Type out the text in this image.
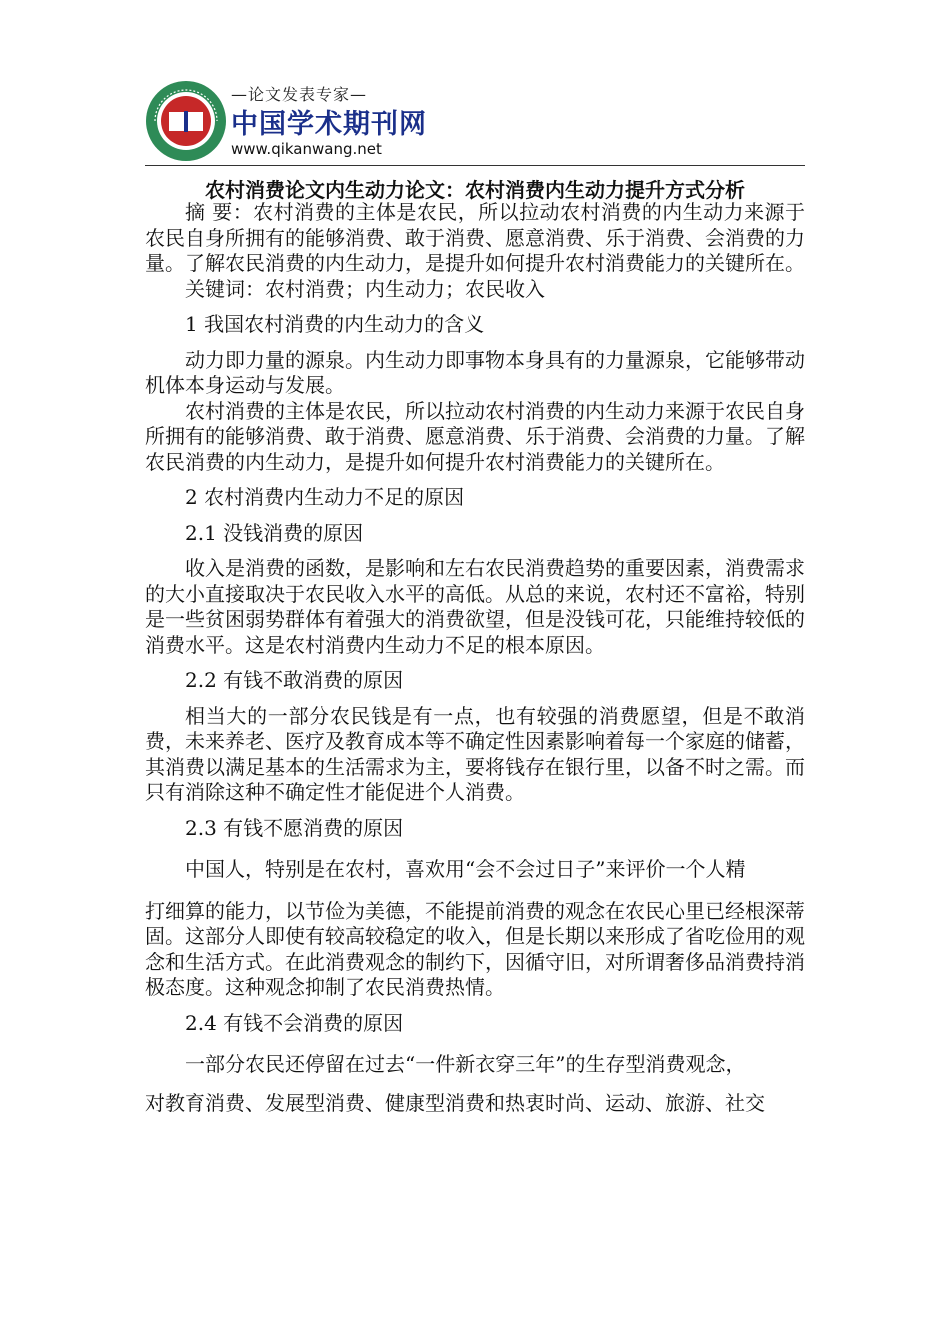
—论文发表专家—
中国学术期刊网
www.qikanwang.net
农村消费论文内生动力论文：农村消费内生动力提升方式分析

摘 要：农村消费的主体是农民，所以拉动农村消费的内生动力来源于农民自身所拥有的能够消费、敢于消费、愿意消费、乐于消费、会消费的力量。了解农民消费的内生动力，是提升如何提升农村消费能力的关键所在。

关键词：农村消费；内生动力；农民收入

1 我国农村消费的内生动力的含义

动力即力量的源泉。内生动力即事物本身具有的力量源泉，它能够带动机体本身运动与发展。

农村消费的主体是农民，所以拉动农村消费的内生动力来源于农民自身所拥有的能够消费、敢于消费、愿意消费、乐于消费、会消费的力量。了解农民消费的内生动力，是提升如何提升农村消费能力的关键所在。

2 农村消费内生动力不足的原因

2.1 没钱消费的原因

收入是消费的函数，是影响和左右农民消费趋势的重要因素，消费需求的大小直接取决于农民收入水平的高低。从总的来说，农村还不富裕，特别是一些贫困弱势群体有着强大的消费欲望，但是没钱可花，只能维持较低的消费水平。这是农村消费内生动力不足的根本原因。

2.2 有钱不敢消费的原因

相当大的一部分农民钱是有一点，也有较强的消费愿望，但是不敢消费，未来养老、医疗及教育成本等不确定性因素影响着每一个家庭的储蓄，其消费以满足基本的生活需求为主，要将钱存在银行里，以备不时之需。而只有消除这种不确定性才能促进个人消费。

2.3 有钱不愿消费的原因

中国人，特别是在农村，喜欢用“会不会过日子”来评价一个人精

打细算的能力，以节俭为美德，不能提前消费的观念在农民心里已经根深蒂固。这部分人即使有较高较稳定的收入，但是长期以来形成了省吃俭用的观念和生活方式。在此消费观念的制约下，因循守旧，对所谓奢侈品消费持消极态度。这种观念抑制了农民消费热情。

2.4 有钱不会消费的原因

一部分农民还停留在过去“一件新衣穿三年”的生存型消费观念，

对教育消费、发展型消费、健康型消费和热衷时尚、运动、旅游、社交
